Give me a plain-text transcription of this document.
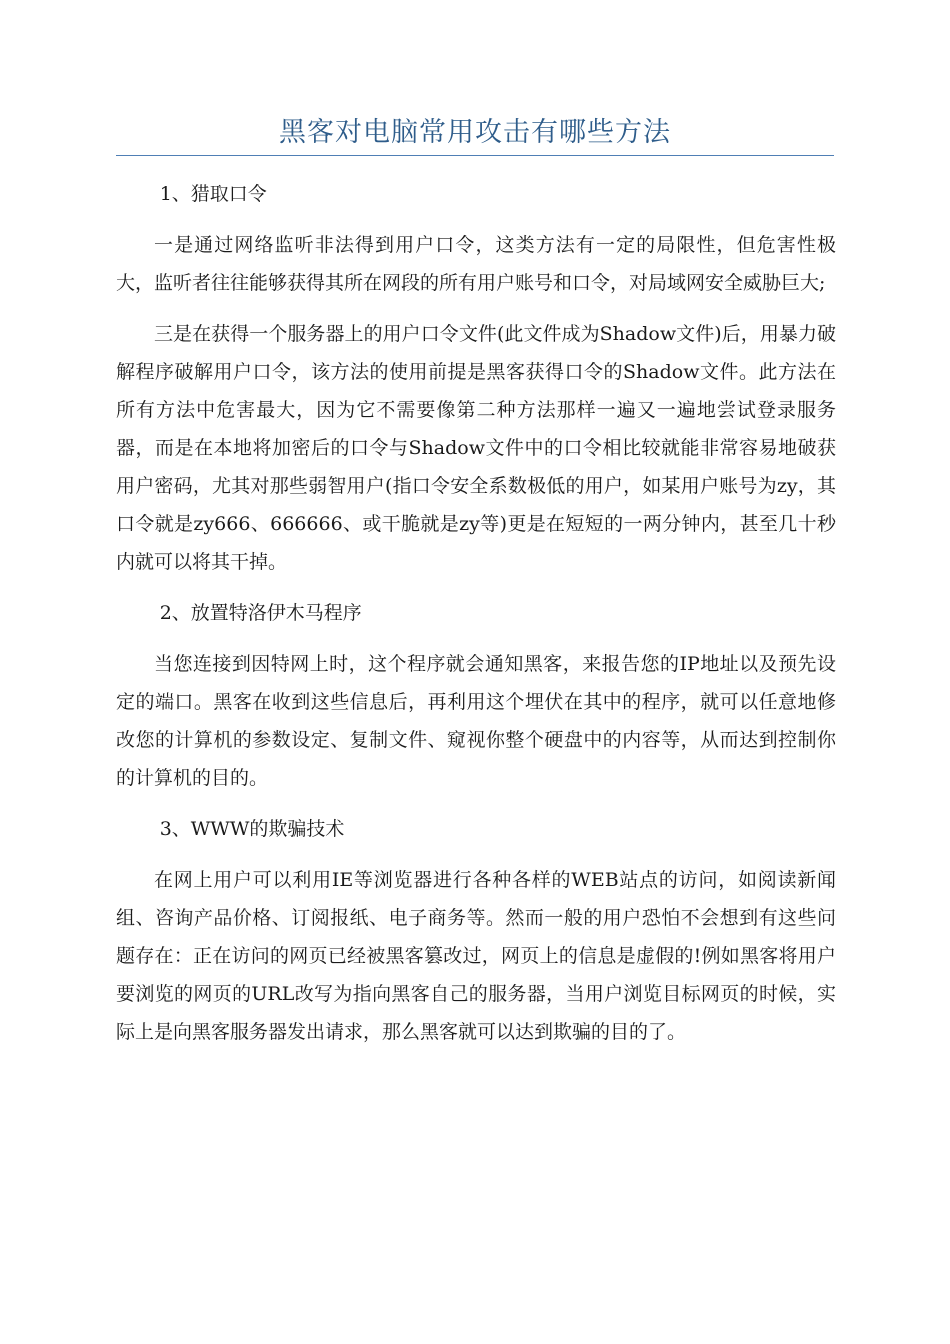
黑客对电脑常用攻击有哪些方法

1、猎取口令

一是通过网络监听非法得到用户口令，这类方法有一定的局限性，但危害性极大，监听者往往能够获得其所在网段的所有用户账号和口令，对局域网安全威胁巨大;

三是在获得一个服务器上的用户口令文件(此文件成为Shadow文件)后，用暴力破解程序破解用户口令，该方法的使用前提是黑客获得口令的Shadow文件。此方法在所有方法中危害最大，因为它不需要像第二种方法那样一遍又一遍地尝试登录服务器，而是在本地将加密后的口令与Shadow文件中的口令相比较就能非常容易地破获用户密码，尤其对那些弱智用户(指口令安全系数极低的用户，如某用户账号为zy，其口令就是zy666、666666、或干脆就是zy等)更是在短短的一两分钟内，甚至几十秒内就可以将其干掉。

2、放置特洛伊木马程序

当您连接到因特网上时，这个程序就会通知黑客，来报告您的IP地址以及预先设定的端口。黑客在收到这些信息后，再利用这个埋伏在其中的程序，就可以任意地修改您的计算机的参数设定、复制文件、窥视你整个硬盘中的内容等，从而达到控制你的计算机的目的。

3、WWW的欺骗技术

在网上用户可以利用IE等浏览器进行各种各样的WEB站点的访问，如阅读新闻组、咨询产品价格、订阅报纸、电子商务等。然而一般的用户恐怕不会想到有这些问题存在：正在访问的网页已经被黑客篡改过，网页上的信息是虚假的!例如黑客将用户要浏览的网页的URL改写为指向黑客自己的服务器，当用户浏览目标网页的时候，实际上是向黑客服务器发出请求，那么黑客就可以达到欺骗的目的了。
